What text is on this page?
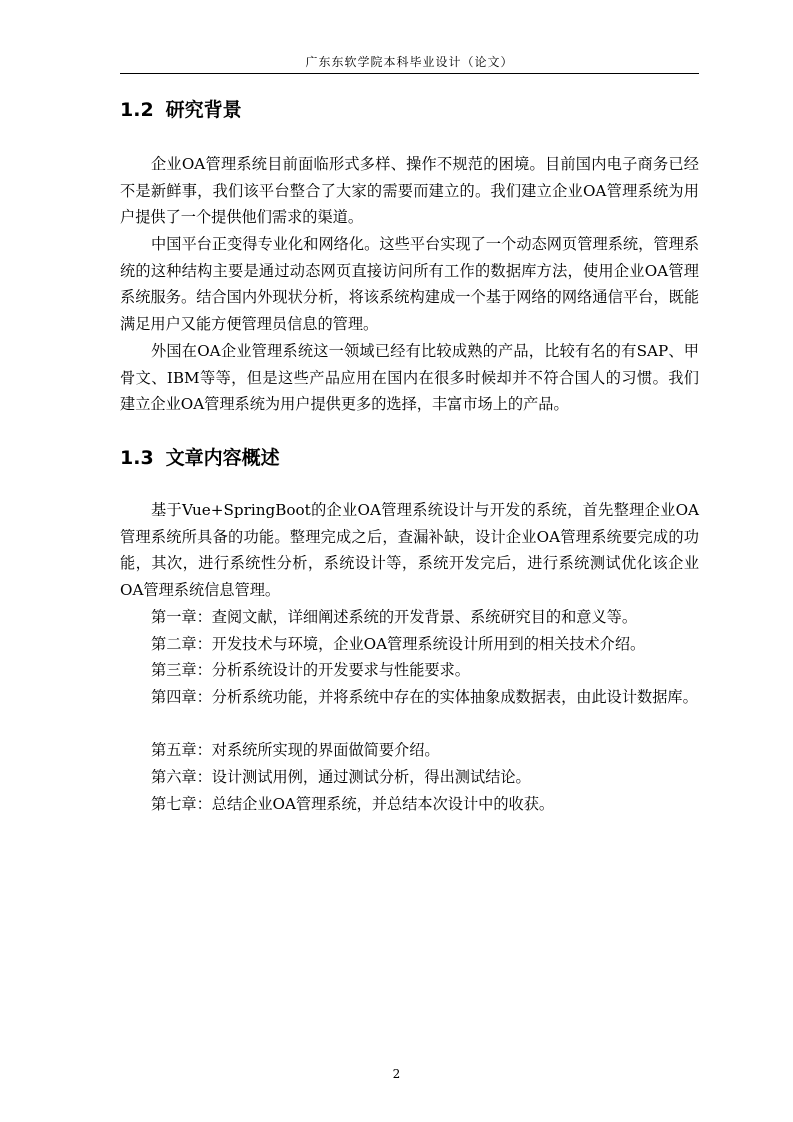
广东东软学院本科毕业设计（论文）
1.2 研究背景

企业OA管理系统目前面临形式多样、操作不规范的困境。目前国内电子商务已经不是新鲜事，我们该平台整合了大家的需要而建立的。我们建立企业OA管理系统为用户提供了一个提供他们需求的渠道。

中国平台正变得专业化和网络化。这些平台实现了一个动态网页管理系统，管理系统的这种结构主要是通过动态网页直接访问所有工作的数据库方法，使用企业OA管理系统服务。结合国内外现状分析，将该系统构建成一个基于网络的网络通信平台，既能满足用户又能方便管理员信息的管理。

外国在OA企业管理系统这一领域已经有比较成熟的产品，比较有名的有SAP、甲骨文、IBM等等，但是这些产品应用在国内在很多时候却并不符合国人的习惯。我们建立企业OA管理系统为用户提供更多的选择，丰富市场上的产品。

1.3 文章内容概述

基于Vue+SpringBoot的企业OA管理系统设计与开发的系统，首先整理企业OA管理系统所具备的功能。整理完成之后，查漏补缺，设计企业OA管理系统要完成的功能，其次，进行系统性分析，系统设计等，系统开发完后，进行系统测试优化该企业OA管理系统信息管理。

第一章：查阅文献，详细阐述系统的开发背景、系统研究目的和意义等。

第二章：开发技术与环境，企业OA管理系统设计所用到的相关技术介绍。

第三章：分析系统设计的开发要求与性能要求。

第四章：分析系统功能，并将系统中存在的实体抽象成数据表，由此设计数据库。

第五章：对系统所实现的界面做简要介绍。

第六章：设计测试用例，通过测试分析，得出测试结论。

第七章：总结企业OA管理系统，并总结本次设计中的收获。

2
